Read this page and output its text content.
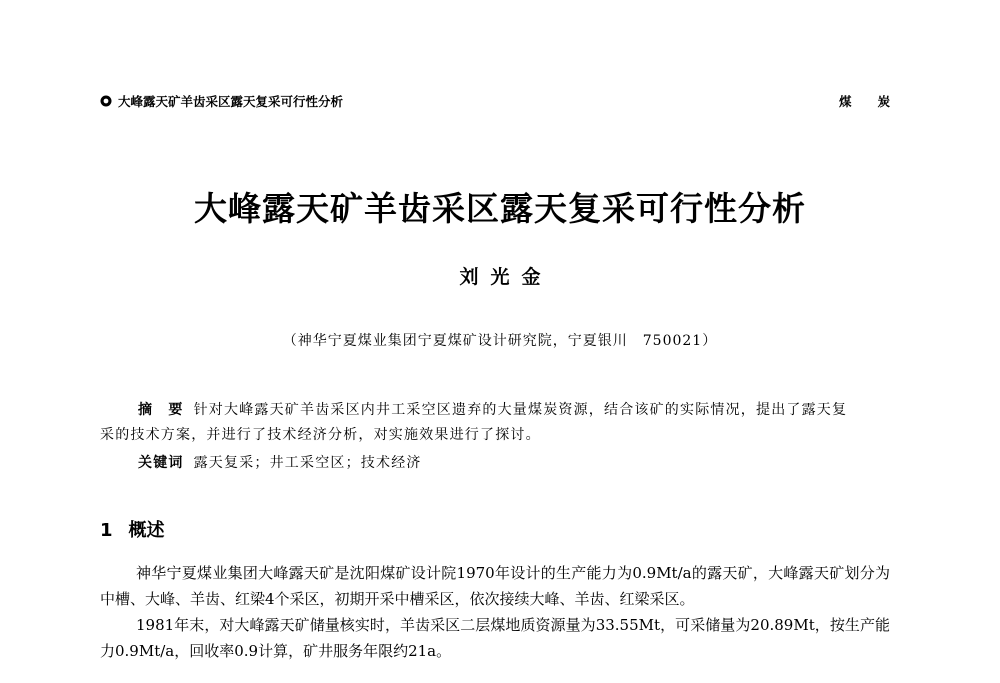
大峰露天矿羊齿采区露天复采可行性分析	煤炭
大峰露天矿羊齿采区露天复采可行性分析
刘光金
（神华宁夏煤业集团宁夏煤矿设计研究院，宁夏银川　750021）
摘　要 针对大峰露天矿羊齿采区内井工采空区遗弃的大量煤炭资源，结合该矿的实际情况，提出了露天复采的技术方案，并进行了技术经济分析，对实施效果进行了探讨。
关键词 露天复采；井工采空区；技术经济
1 概述

神华宁夏煤业集团大峰露天矿是沈阳煤矿设计院1970年设计的生产能力为0.9Mt/a的露天矿，大峰露天矿划分为中槽、大峰、羊齿、红梁4个采区，初期开采中槽采区，依次接续大峰、羊齿、红梁采区。

1981年末，对大峰露天矿储量核实时，羊齿采区二层煤地质资源量为33.55Mt，可采储量为20.89Mt，按生产能力0.9Mt/a，回收率0.9计算，矿井服务年限约21a。
